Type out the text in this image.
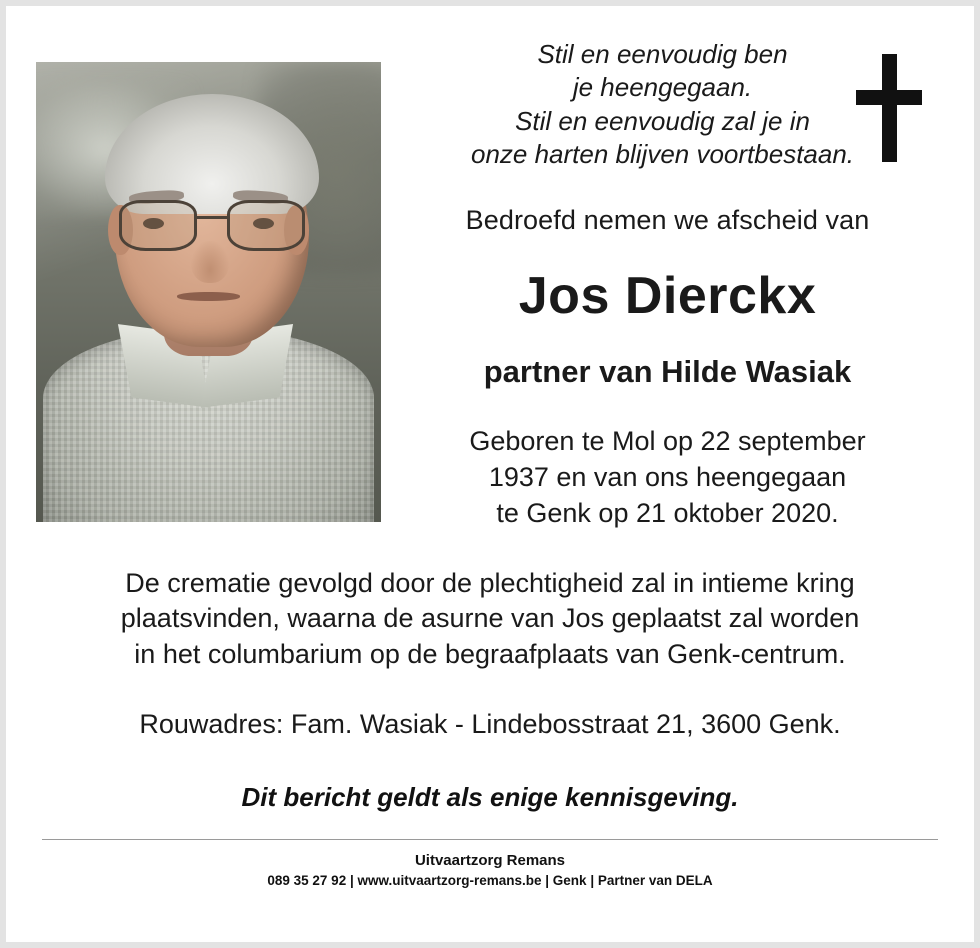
Stil en eenvoudig ben
je heengegaan.
Stil en eenvoudig zal je in
onze harten blijven voortbestaan.
Bedroefd nemen we afscheid van
Jos Dierckx
partner van Hilde Wasiak
Geboren te Mol op 22 september
1937 en van ons heengegaan
te Genk op 21 oktober 2020.
De crematie gevolgd door de plechtigheid zal in intieme kring
plaatsvinden, waarna de asurne van Jos geplaatst zal worden
in het columbarium op de begraafplaats van Genk-centrum.
Rouwadres: Fam. Wasiak - Lindebosstraat 21, 3600 Genk.
Dit bericht geldt als enige kennisgeving.
Uitvaartzorg Remans
089 35 27 92 | www.uitvaartzorg-remans.be | Genk | Partner van DELA
